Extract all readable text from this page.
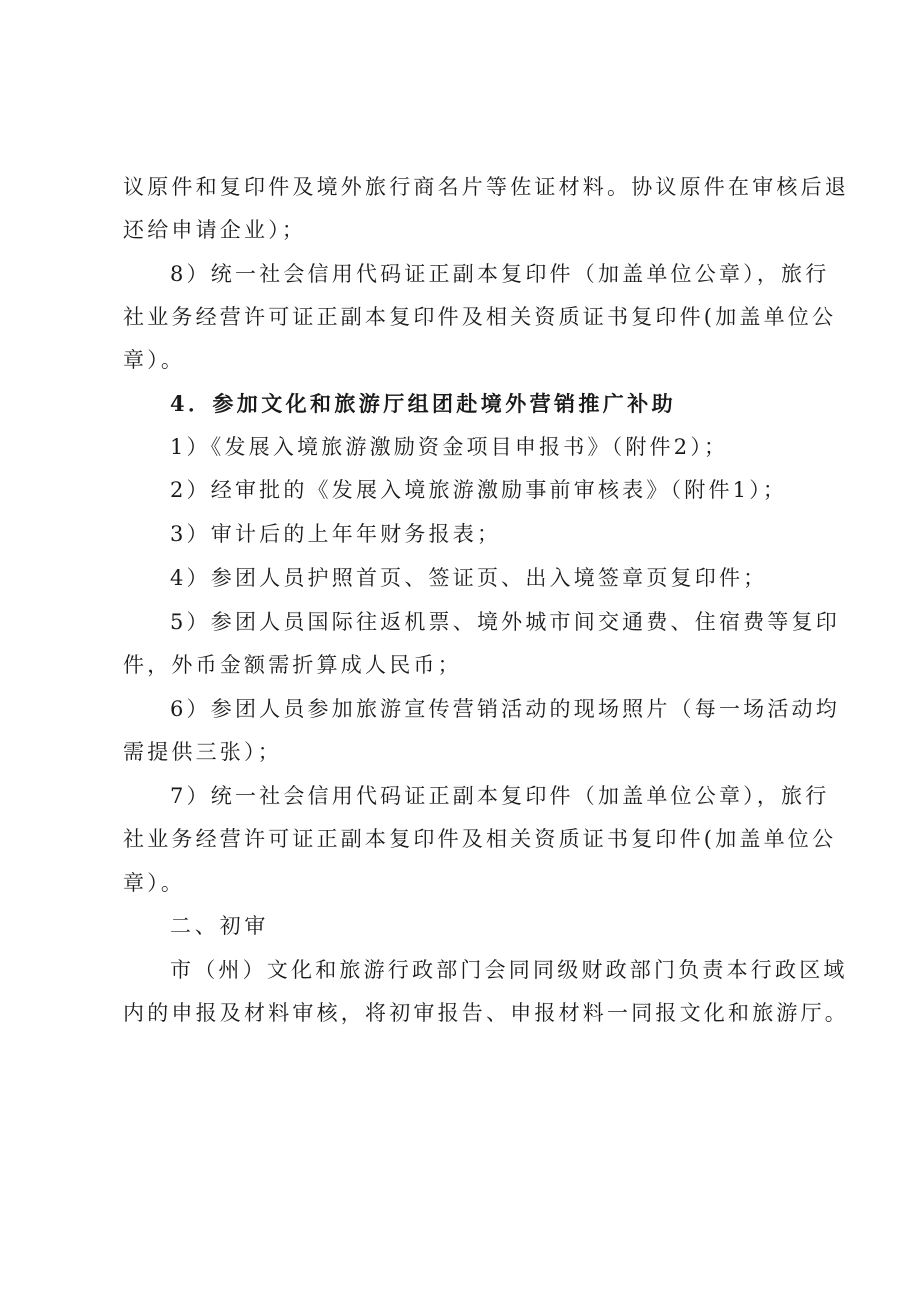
议原件和复印件及境外旅行商名片等佐证材料。协议原件在审核后退
还给申请企业）；
8）统一社会信用代码证正副本复印件（加盖单位公章），旅行
社业务经营许可证正副本复印件及相关资质证书复印件(加盖单位公
章）。
4．参加文化和旅游厅组团赴境外营销推广补助
1）《发展入境旅游激励资金项目申报书》（附件2）；
2）经审批的《发展入境旅游激励事前审核表》（附件1）；
3）审计后的上年年财务报表；
4）参团人员护照首页、签证页、出入境签章页复印件；
5）参团人员国际往返机票、境外城市间交通费、住宿费等复印
件，外币金额需折算成人民币；
6）参团人员参加旅游宣传营销活动的现场照片（每一场活动均
需提供三张）；
7）统一社会信用代码证正副本复印件（加盖单位公章），旅行
社业务经营许可证正副本复印件及相关资质证书复印件(加盖单位公
章）。
二、初审
市（州）文化和旅游行政部门会同同级财政部门负责本行政区域
内的申报及材料审核，将初审报告、申报材料一同报文化和旅游厅。
